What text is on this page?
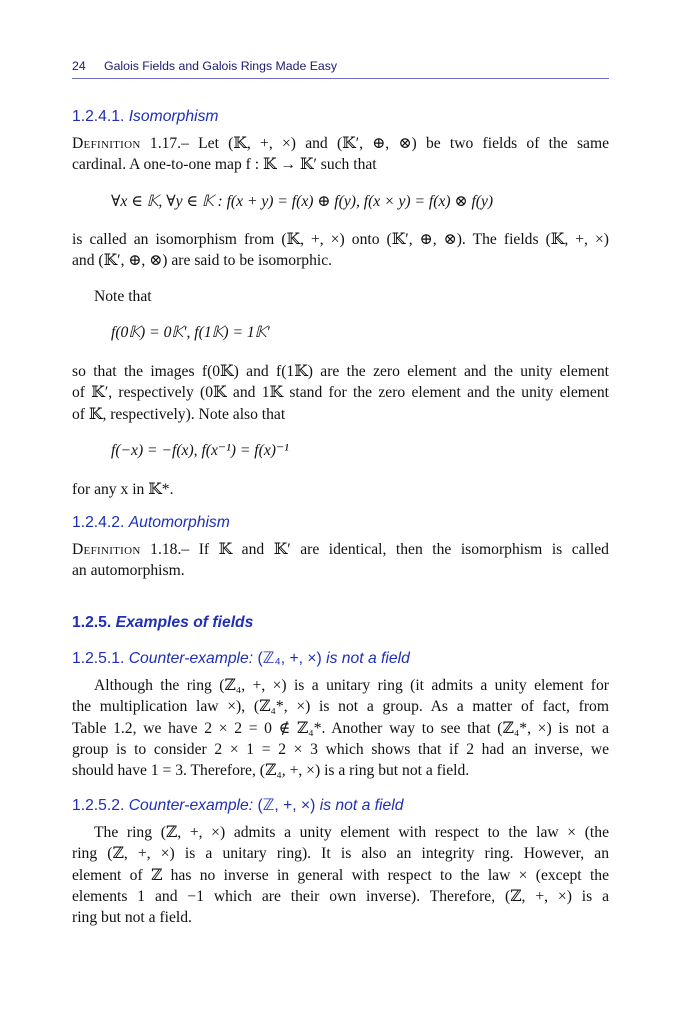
24 Galois Fields and Galois Rings Made Easy
1.2.4.1. Isomorphism
Definition 1.17.– Let (𝕂, +, ×) and (𝕂′, ⊕, ⊗) be two fields of the same
cardinal. A one-to-one map f : 𝕂 → 𝕂′ such that
∀x ∈ 𝕂, ∀y ∈ 𝕂 : f(x + y) = f(x) ⊕ f(y), f(x × y) = f(x) ⊗ f(y)
is called an isomorphism from (𝕂, +, ×) onto (𝕂′, ⊕, ⊗). The fields (𝕂, +, ×)
and (𝕂′, ⊕, ⊗) are said to be isomorphic.
Note that
f(0𝕂) = 0𝕂′, f(1𝕂) = 1𝕂′
so that the images f(0𝕂) and f(1𝕂) are the zero element and the unity element
of 𝕂′, respectively (0𝕂 and 1𝕂 stand for the zero element and the unity element
of 𝕂, respectively). Note also that
f(−x) = −f(x), f(x⁻¹) = f(x)⁻¹
for any x in 𝕂*.
1.2.4.2. Automorphism
Definition 1.18.– If 𝕂 and 𝕂′ are identical, then the isomorphism is called
an automorphism.
1.2.5. Examples of fields
1.2.5.1. Counter-example: (ℤ₄, +, ×) is not a field
Although the ring (ℤ₄, +, ×) is a unitary ring (it admits a unity element for
the multiplication law ×), (ℤ₄*, ×) is not a group. As a matter of fact, from
Table 1.2, we have 2 × 2 = 0 ∉ ℤ₄*. Another way to see that (ℤ₄*, ×) is not a
group is to consider 2 × 1 = 2 × 3 which shows that if 2 had an inverse, we
should have 1 = 3. Therefore, (ℤ₄, +, ×) is a ring but not a field.
1.2.5.2. Counter-example: (ℤ, +, ×) is not a field
The ring (ℤ, +, ×) admits a unity element with respect to the law × (the
ring (ℤ, +, ×) is a unitary ring). It is also an integrity ring. However, an
element of ℤ has no inverse in general with respect to the law × (except the
elements 1 and −1 which are their own inverse). Therefore, (ℤ, +, ×) is a
ring but not a field.
